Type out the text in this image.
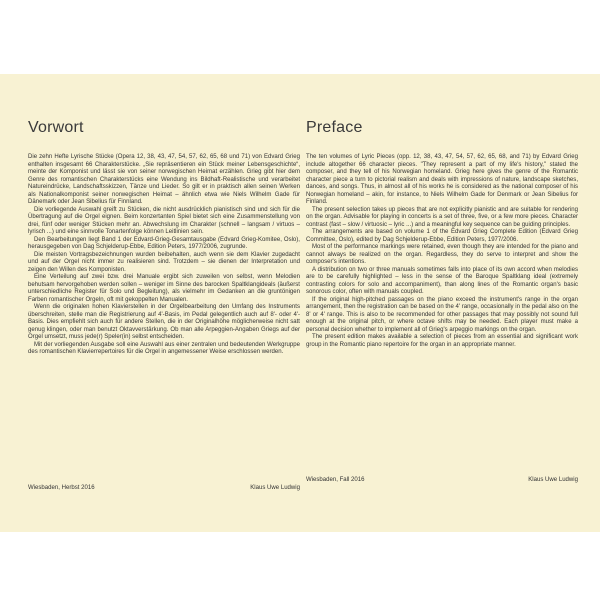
Vorwort

Die zehn Hefte Lyrische Stücke (Opera 12, 38, 43, 47, 54, 57, 62, 65, 68 und 71) von Edvard Grieg enthalten insgesamt 66 Charakterstücke. „Sie repräsentieren ein Stück meiner Lebensgeschichte“, meinte der Komponist und lässt sie von seiner norwegischen Heimat erzählen. Grieg gibt hier dem Genre des romantischen Charakterstücks eine Wendung ins Bildhaft-Realistische und verarbeitet Natureindrücke, Landschaftsskizzen, Tänze und Lieder. So gilt er in praktisch allen seinen Werken als Nationalkomponist seiner norwegischen Heimat – ähnlich etwa wie Niels Wilhelm Gade für Dänemark oder Jean Sibelius für Finnland.

Die vorliegende Auswahl greift zu Stücken, die nicht ausdrücklich pianistisch sind und sich für die Übertragung auf die Orgel eignen. Beim konzertanten Spiel bietet sich eine Zusammenstellung von drei, fünf oder weniger Stücken mehr an. Abwechslung im Charakter (schnell – langsam / virtuos – lyrisch ...) und eine sinnvolle Tonartenfolge können Leitlinien sein.

Den Bearbeitungen liegt Band 1 der Edvard-Grieg-Gesamtausgabe (Edvard Grieg-Komitee, Oslo), herausgegeben von Dag Schjelderup-Ebbe, Edition Peters, 1977/2006, zugrunde.

Die meisten Vortragsbezeichnungen wurden beibehalten, auch wenn sie dem Klavier zugedacht und auf der Orgel nicht immer zu realisieren sind. Trotzdem – sie dienen der Interpretation und zeigen den Willen des Komponisten.

Eine Verteilung auf zwei bzw. drei Manuale ergibt sich zuweilen von selbst, wenn Melodien behutsam hervorgehoben werden sollen – weniger im Sinne des barocken Spaltklangideals (äußerst unterschiedliche Register für Solo und Begleitung), als vielmehr im Gedanken an die gruntönigen Farben romantischer Orgeln, oft mit gekoppelten Manualen.

Wenn die originalen hohen Klavierstellen in der Orgelbearbeitung den Umfang des Instruments überschreiten, stelle man die Registrierung auf 4'-Basis, im Pedal gelegentlich auch auf 8'- oder 4'-Basis. Dies empfiehlt sich auch für andere Stellen, die in der Originalhöhe möglicherweise nicht satt genug klingen, oder man benutzt Oktavverstärkung. Ob man alle Arpeggien-Angaben Griegs auf der Orgel umsetzt, muss jede(r) Speler(in) selbst entscheiden.

Mit der vorliegenden Ausgabe soll eine Auswahl aus einer zentralen und bedeutenden Werkgruppe des romantischen Klavierrepertoires für die Orgel in angemessener Weise erschlossen werden.

Wiesbaden, Herbst 2016	Klaus Uwe Ludwig
Preface

The ten volumes of Lyric Pieces (opp. 12, 38, 43, 47, 54, 57, 62, 65, 68, and 71) by Edvard Grieg include altogether 66 character pieces. "They represent a part of my life's history," stated the composer, and they tell of his Norwegian homeland. Grieg here gives the genre of the Romantic character piece a turn to pictorial realism and deals with impressions of nature, landscape sketches, dances, and songs. Thus, in almost all of his works he is considered as the national composer of his Norwegian homeland – akin, for instance, to Niels Wilhelm Gade for Denmark or Jean Sibelius for Finland.

The present selection takes up pieces that are not explicitly pianistic and are suitable for rendering on the organ. Advisable for playing in concerts is a set of three, five, or a few more pieces. Character contrast (fast – slow / virtuosic – lyric ...) and a meaningful key sequence can be guiding principles.

The arrangements are based on volume 1 of the Edvard Grieg Complete Edition (Edvard Grieg Committee, Oslo), edited by Dag Schjelderup-Ebbe, Edition Peters, 1977/2006.

Most of the performance markings were retained, even though they are intended for the piano and cannot always be realized on the organ. Regardless, they do serve to interpret and show the composer's intentions.

A distribution on two or three manuals sometimes falls into place of its own accord when melodies are to be carefully highlighted – less in the sense of the Baroque Spaltklang ideal (extremely contrasting colors for solo and accompaniment), than along lines of the Romantic organ's basic sonorous color, often with manuals coupled.

If the original high-pitched passages on the piano exceed the instrument's range in the organ arrangement, then the registration can be based on the 4' range, occasionally in the pedal also on the 8' or 4' range. This is also to be recommended for other passages that may possibly not sound full enough at the original pitch, or where octave shifts may be needed. Each player must make a personal decision whether to implement all of Grieg's arpeggio markings on the organ.

The present edition makes available a selection of pieces from an essential and significant work group in the Romantic piano repertoire for the organ in an appropriate manner.

Wiesbaden, Fall 2016	Klaus Uwe Ludwig
